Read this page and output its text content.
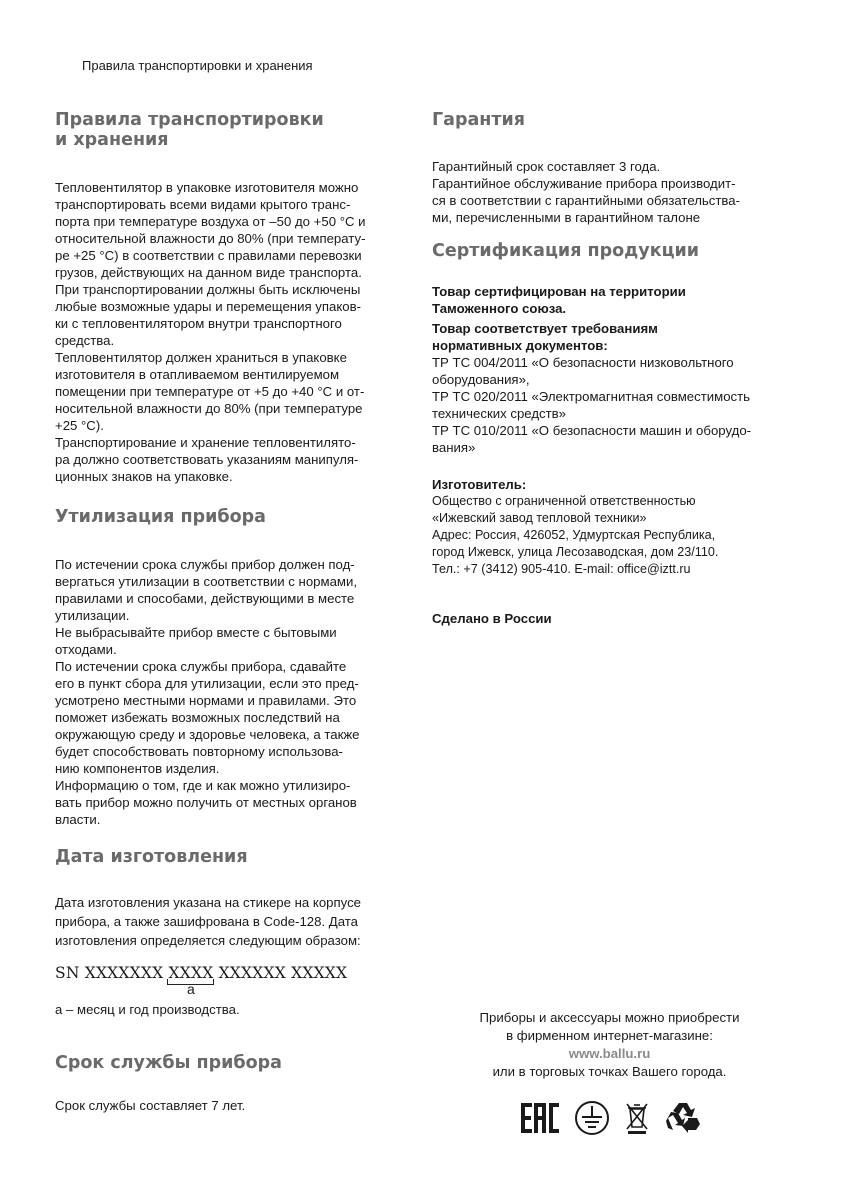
Правила транспортировки и хранения
Правила транспортировки
и хранения
Тепловентилятор в упаковке изготовителя можно
транспортировать всеми видами крытого транс-
порта при температуре воздуха от –50 до +50 °С и
относительной влажности до 80% (при температу-
ре +25 °С) в соответствии с правилами перевозки
грузов, действующих на данном виде транспорта.
При транспортировании должны быть исключены
любые возможные удары и перемещения упаков-
ки с тепловентилятором внутри транспортного
средства.
Тепловентилятор должен храниться в упаковке
изготовителя в отапливаемом вентилируемом
помещении при температуре от +5 до +40 °С и от-
носительной влажности до 80% (при температуре
+25 °С).
Транспортирование и хранение тепловентилято-
ра должно соответствовать указаниям манипуля-
ционных знаков на упаковке.
Утилизация прибора
По истечении срока службы прибор должен под-
вергаться утилизации в соответствии с нормами,
правилами и способами, действующими в месте
утилизации.
Не выбрасывайте прибор вместе с бытовыми
отходами.
По истечении срока службы прибора, сдавайте
его в пункт сбора для утилизации, если это пред-
усмотрено местными нормами и правилами. Это
поможет избежать возможных последствий на
окружающую среду и здоровье человека, а также
будет способствовать повторному использова-
нию компонентов изделия.
Информацию о том, где и как можно утилизиро-
вать прибор можно получить от местных органов
власти.
Дата изготовления
Дата изготовления указана на стикере на корпусе
прибора, а также зашифрована в Code-128. Дата
изготовления определяется следующим образом:
SN XXXXXXX XXXX
a
XXXXXX XXXXX
а – месяц и год производства.
Срок службы прибора
Срок службы составляет 7 лет.
Гарантия
Гарантийный срок составляет 3 года.
Гарантийное обслуживание прибора производит-
ся в соответствии с гарантийными обязательства-
ми, перечисленными в гарантийном талоне
Сертификация продукции
Товар сертифицирован на территории
Таможенного союза.
Товар соответствует требованиям
нормативных документов:
ТР ТС 004/2011 «О безопасности низковольтного
оборудования»,
ТР ТС 020/2011 «Электромагнитная совместимость
технических средств»
ТР ТС 010/2011 «О безопасности машин и оборудо-
вания»
Изготовитель:
Общество с ограниченной ответственностью
«Ижевский завод тепловой техники»
Адрес: Россия, 426052, Удмуртская Республика,
город Ижевск, улица Лесозаводская, дом 23/110.
Тел.: +7 (3412) 905-410. E-mail: office@iztt.ru
Сделано в России
Приборы и аксессуары можно приобрести
в фирменном интернет-магазине:
www.ballu.ru
или в торговых точках Вашего города.
